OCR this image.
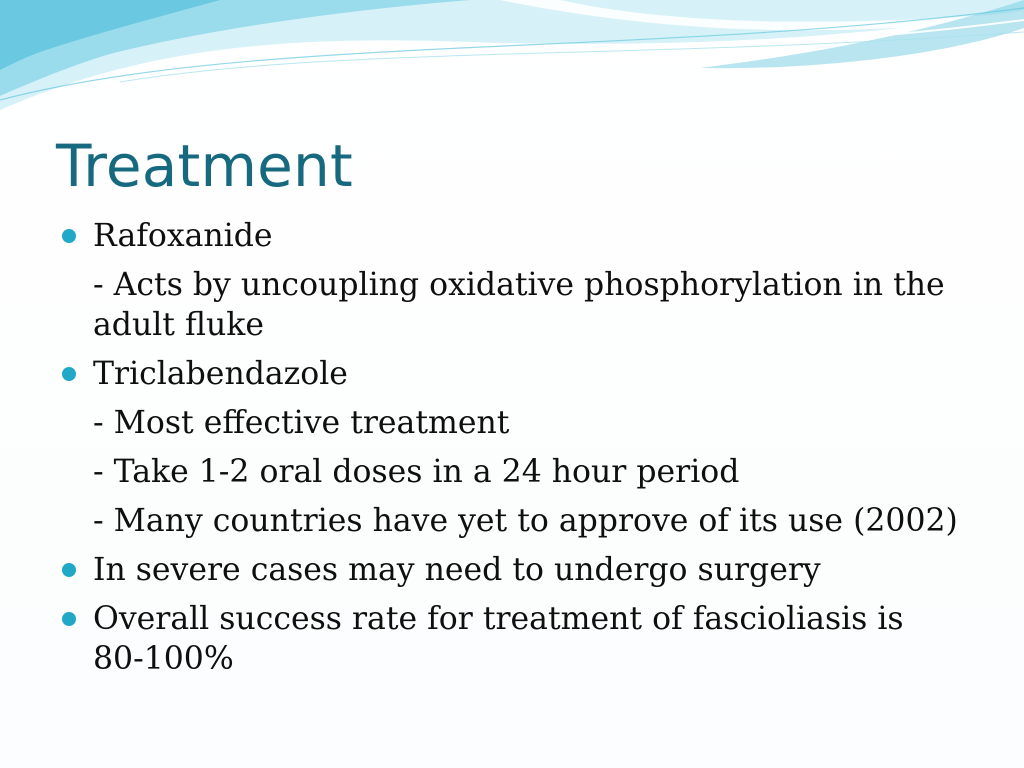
Treatment
Rafoxanide
- Acts by uncoupling oxidative phosphorylation in the adult fluke
Triclabendazole
- Most effective treatment
- Take 1-2 oral doses in a 24 hour period
- Many countries have yet to approve of its use (2002)
In severe cases may need to undergo surgery
Overall success rate for treatment of fascioliasis is 80-100%
